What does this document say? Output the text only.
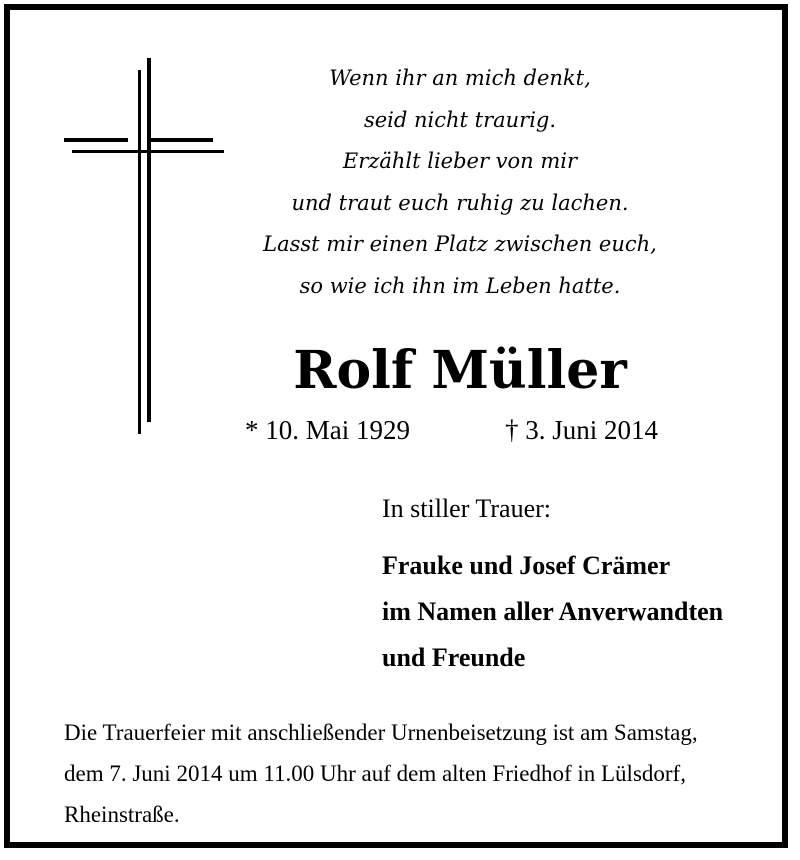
Wenn ihr an mich denkt,
seid nicht traurig.
Erzählt lieber von mir
und traut euch ruhig zu lachen.
Lasst mir einen Platz zwischen euch,
so wie ich ihn im Leben hatte.
Rolf Müller
* 10. Mai 1929	† 3. Juni 2014
In stiller Trauer:
Frauke und Josef Crämer
im Namen aller Anverwandten
und Freunde
Die Trauerfeier mit anschließender Urnenbeisetzung ist am Samstag,
dem 7. Juni 2014 um 11.00 Uhr auf dem alten Friedhof in Lülsdorf,
Rheinstraße.
